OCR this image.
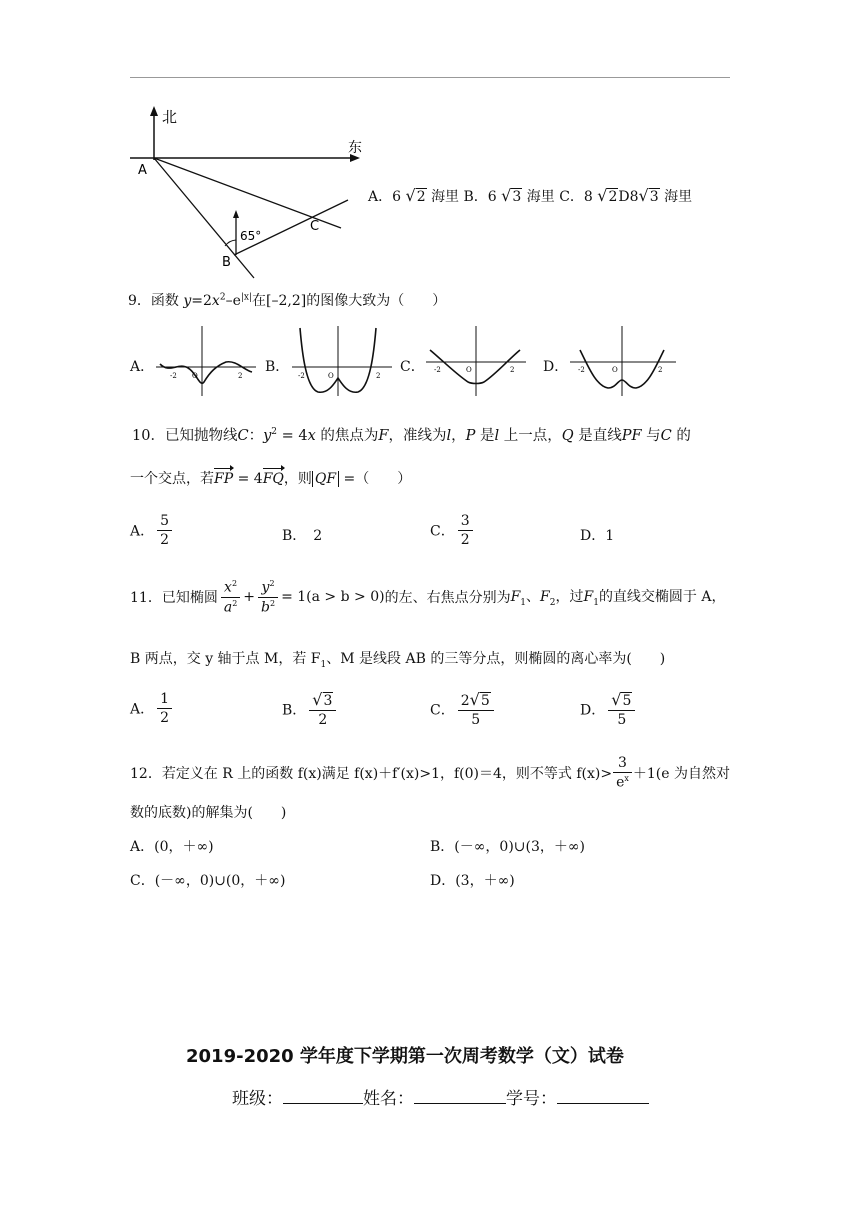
北
东
A
B
C
65°
A．6 √2 海里 B．6 √3 海里 C．8 √2D8√3 海里
9．函数 $y=2x^2-e^{|x|}$在[–2,2]的图像大致为（　　）
A．
-2 O	2
B．
-2	O	2
C． -2	O	2 D． -2	O	2
10．已知抛物线C：$y^2 = 4x$ 的焦点为F，准线为l，P 是l 上一点，Q 是直线PF 与C 的
一个交点，若FP = 4FQ，则 QF =（　　）
A． $\frac{5}{2}$	B．　2	C． $\frac{3}{2}$	D．1
11．已知椭圆 $\frac{x^2}{a^2} + \frac{y^2}{b^2} = 1(a > b > 0)$的左、右焦点分别为$F_1$、$F_2$，过$F_1$的直线交椭圆于 A，
B 两点，交 y 轴于点 M，若 $F_1$、M 是线段 AB 的三等分点，则椭圆的离心率为(　　)
A． $\frac{1}{2}$	B． $\frac{√3}{2}$	C． $\frac{2√5}{5}$	D． $\frac{√5}{5}$
12．若定义在 R 上的函数 f(x)满足 f(x)＋f′(x)>1，f(0)＝4，则不等式 $f(x)> \frac{3}{e^x} +1(e$ 为自然对
数的底数)的解集为(　　)
A．(0，＋∞)	B．(－∞，0)∪(3，＋∞)
C．(－∞，0)∪(0，＋∞)	D．(3，＋∞)
2019-2020 学年度下学期第一次周考数学（文）试卷
班级：	姓名：	学号：
